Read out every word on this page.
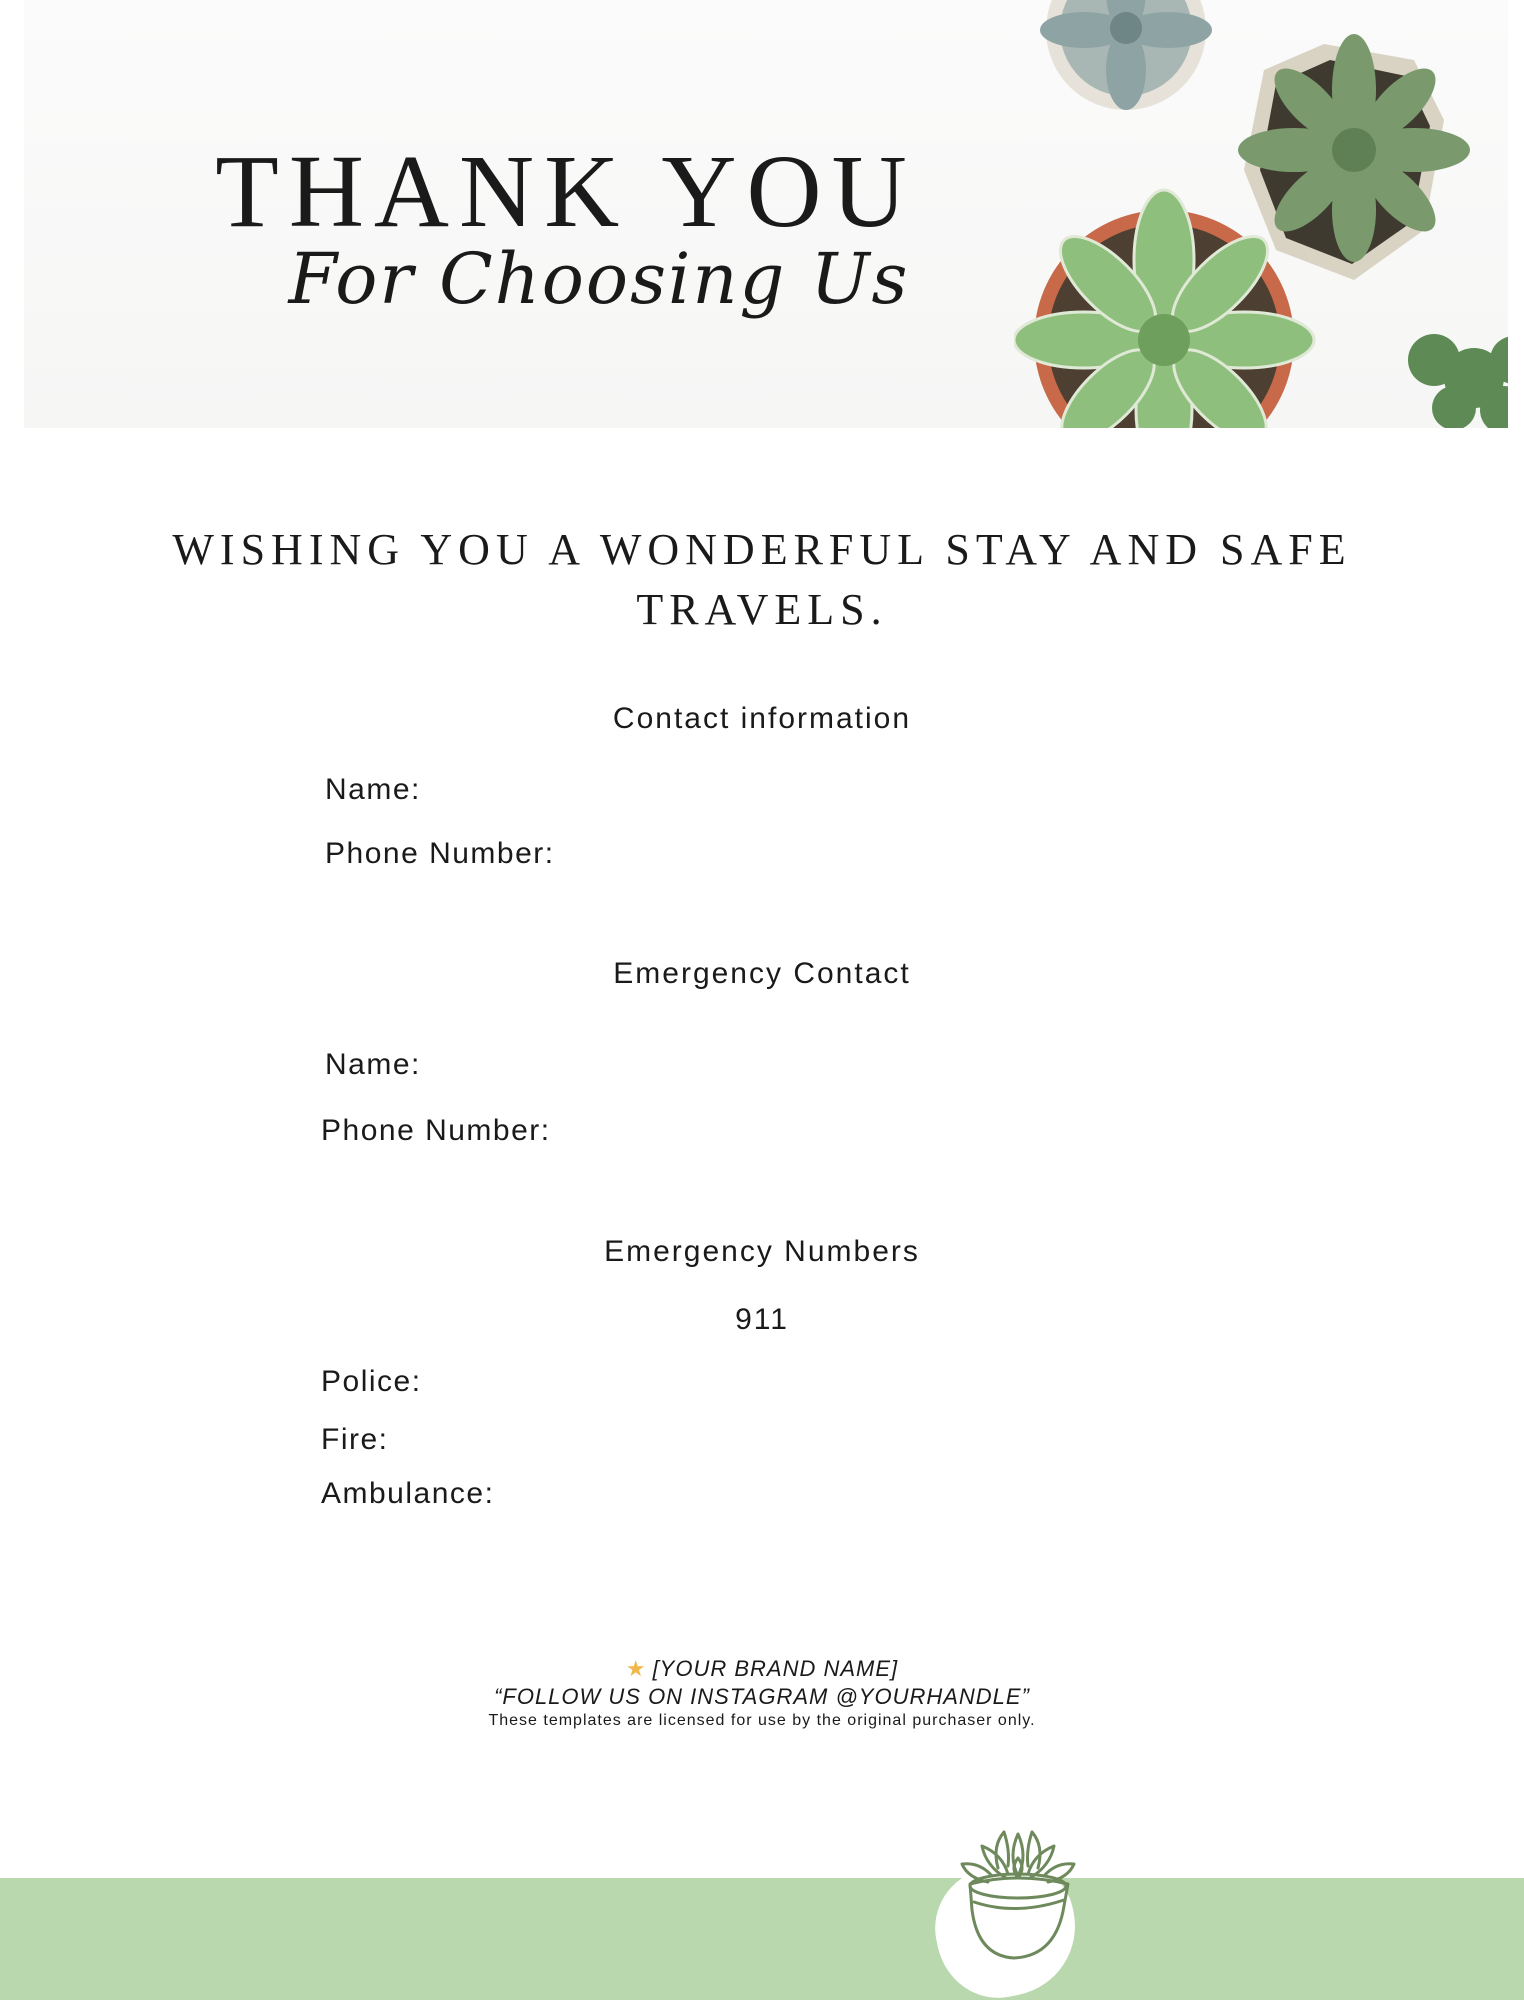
THANK YOU
For Choosing Us
WISHING YOU A WONDERFUL STAY AND SAFE TRAVELS.
Contact information
Name:
Phone Number:
Emergency Contact
Name:
Phone Number:
Emergency Numbers
911
Police:
Fire:
Ambulance:
★ [YOUR BRAND NAME]
“FOLLOW US ON INSTAGRAM @YOURHANDLE”
These templates are licensed for use by the original purchaser only.
